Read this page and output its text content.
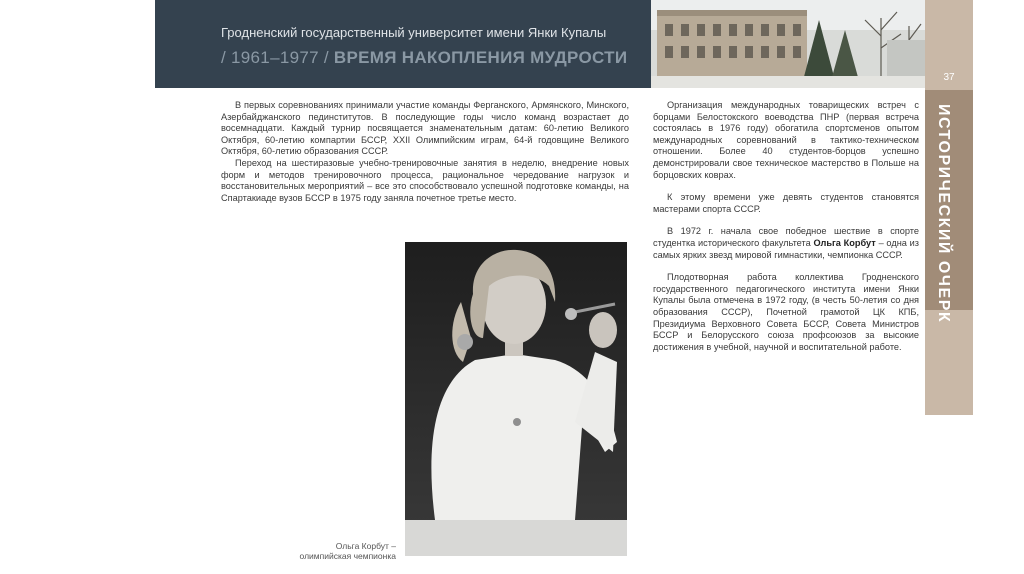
Гродненский государственный университет имени Янки Купалы
/ 1961–1977 / ВРЕМЯ НАКОПЛЕНИЯ МУДРОСТИ
37
ИСТОРИЧЕСКИЙ ОЧЕРК

В первых соревнованиях принимали участие команды Ферганского, Армянского, Минского, Азербайджанского пединститутов. В последующие годы число команд возрастает до восемнадцати. Каждый турнир посвящается знаменательным датам: 60-летию Великого Октября, 60-летию компартии БССР, XXII Олимпийским играм, 64-й годовщине Великого Октября, 60-летию образования СССР.

Переход на шестиразовые учебно-тренировочные занятия в неделю, внедрение новых форм и методов тренировочного процесса, рациональное чередование нагрузок и восстановительных мероприятий – все это способствовало успешной подготовке команды, на Спартакиаде вузов БССР в 1975 году заняла почетное третье место.

Организация международных товарищеских встреч с борцами Белостокского воеводства ПНР (первая встреча состоялась в 1976 году) обогатила спортсменов опытом международных соревнований в тактико-техническом отношении. Более 40 студентов-борцов успешно демонстрировали свое техническое мастерство в Польше на борцовских коврах.

К этому времени уже девять студентов становятся мастерами спорта СССР.

В 1972 г. начала свое победное шествие в спорте студентка исторического факультета Ольга Корбут – одна из самых ярких звезд мировой гимнастики, чемпионка СССР.

Плодотворная работа коллектива Гродненского государственного педагогического института имени Янки Купалы была отмечена в 1972 году, (в честь 50-летия со дня образования СССР), Почетной грамотой ЦК КПБ, Президиума Верховного Совета БССР, Совета Министров БССР и Белорусского союза профсоюзов за высокие достижения в учебной, научной и воспитательной работе.

Ольга Корбут –
олимпийская чемпионка
